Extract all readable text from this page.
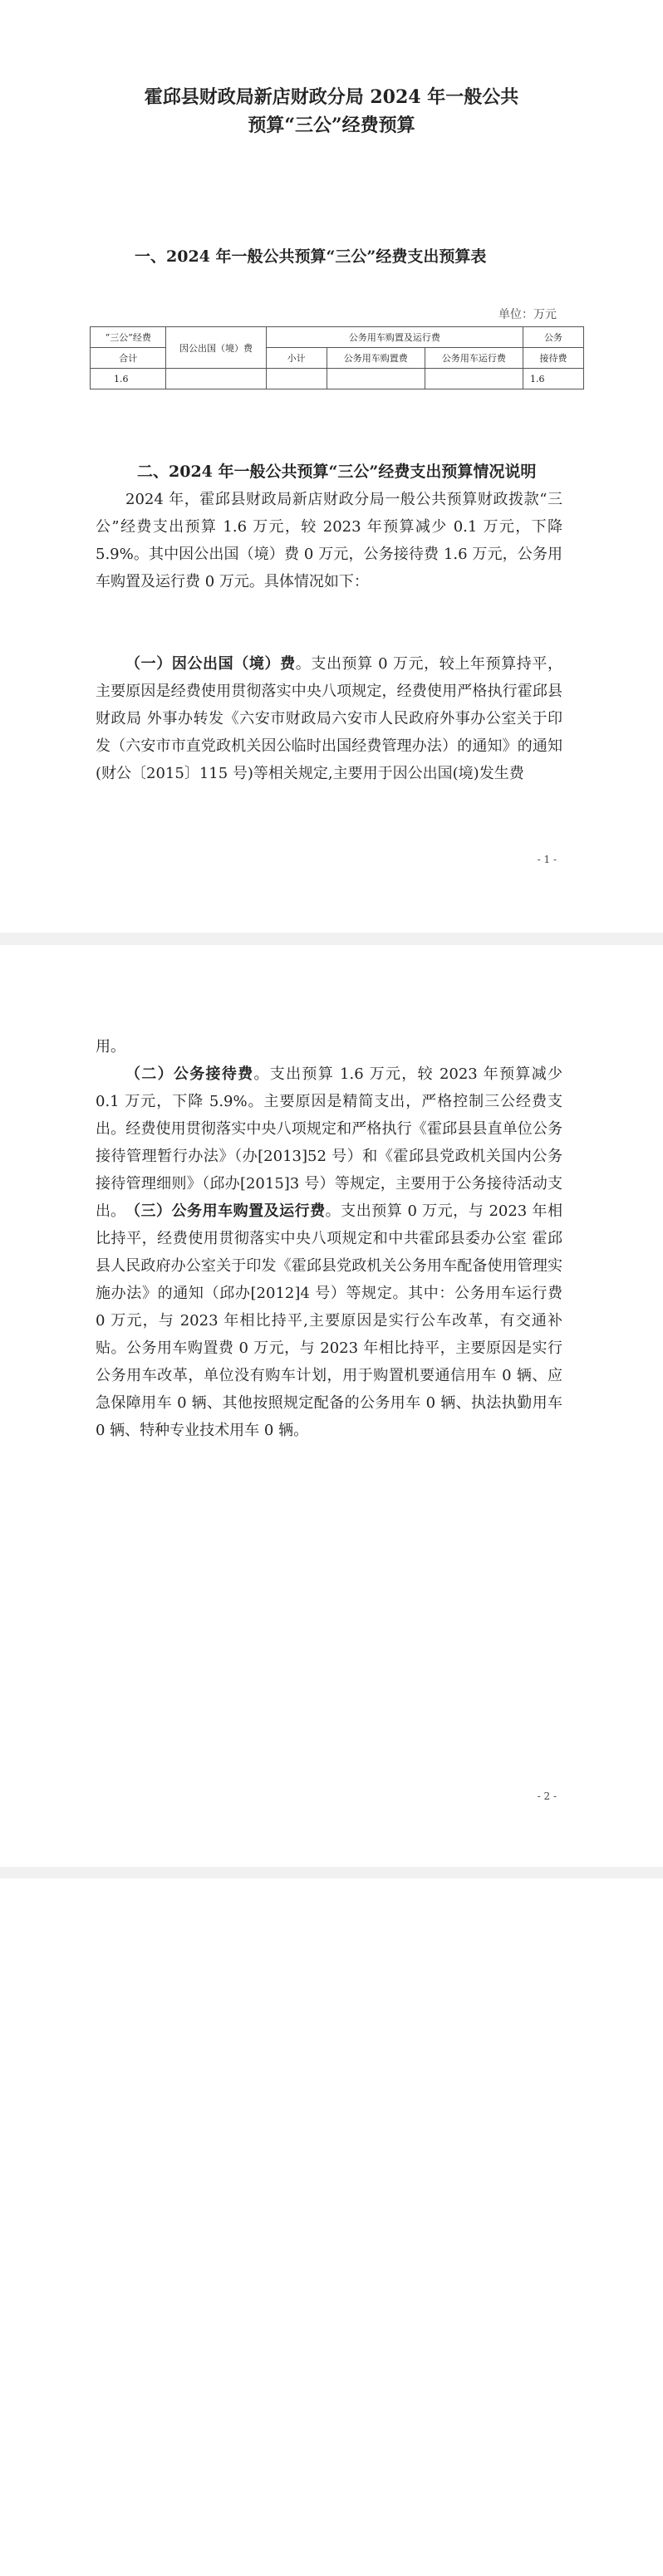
霍邱县财政局新店财政分局 2024 年一般公共
预算“三公”经费预算
一、2024 年一般公共预算“三公”经费支出预算表
单位：万元
“三公”经费	因公出国（境）费	公务用车购置及运行费			公务
合计		小计	公务用车购置费	公务用车运行费	接待费
1.6					1.6
二、2024 年一般公共预算“三公”经费支出预算情况说明

2024 年，霍邱县财政局新店财政分局一般公共预算财政拨款“三公”经费支出预算 1.6 万元，较 2023 年预算减少 0.1 万元，下降 5.9%。其中因公出国（境）费 0 万元，公务接待费 1.6 万元，公务用车购置及运行费 0 万元。具体情况如下：

（一）因公出国（境）费。支出预算 0 万元，较上年预算持平，主要原因是经费使用贯彻落实中央八项规定，经费使用严格执行霍邱县财政局 外事办转发《六安市财政局六安市人民政府外事办公室关于印发（六安市市直党政机关因公临时出国经费管理办法）的通知》的通知(财公〔2015〕115 号)等相关规定,主要用于因公出国(境)发生费

- 1 -

用。

（二）公务接待费。支出预算 1.6 万元，较 2023 年预算减少 0.1 万元，下降 5.9%。主要原因是精简支出，严格控制三公经费支出。经费使用贯彻落实中央八项规定和严格执行《霍邱县县直单位公务接待管理暂行办法》（办[2013]52 号）和《霍邱县党政机关国内公务接待管理细则》（邱办[2015]3 号）等规定，主要用于公务接待活动支出。 （三）公务用车购置及运行费。支出预算 0 万元，与 2023 年相比持平，经费使用贯彻落实中央八项规定和中共霍邱县委办公室 霍邱县人民政府办公室关于印发《霍邱县党政机关公务用车配备使用管理实施办法》的通知（邱办[2012]4 号）等规定。其中：公务用车运行费 0 万元，与 2023 年相比持平,主要原因是实行公车改革，有交通补贴。公务用车购置费 0 万元，与 2023 年相比持平，主要原因是实行公务用车改革，单位没有购车计划，用于购置机要通信用车 0 辆、应急保障用车 0 辆、其他按照规定配备的公务用车 0 辆、执法执勤用车 0 辆、特种专业技术用车 0 辆。

- 2 -
